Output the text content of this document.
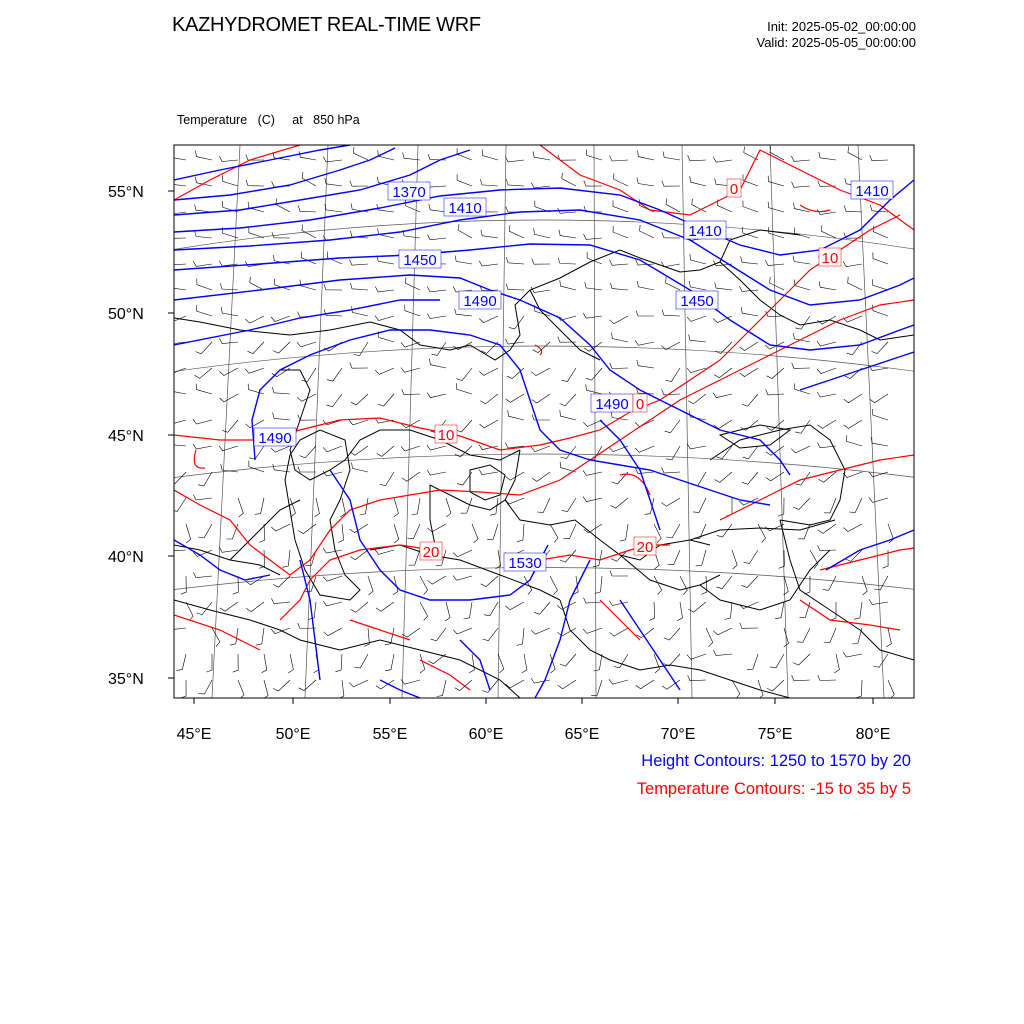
KAZHYDROMET REAL-TIME WRF	Init: 2025-05-02_00:00:00
Valid: 2025-05-05_00:00:00

Temperature   (C)     at   850 hPa

55°N
50°N
45°N
40°N
35°N
45°E	50°E	55°E	60°E	65°E	70°E	75°E	80°E
1370
1410
1410
1410
1450
1450
1490
1490
1490
1530
10
10
0
0
20	20
Height Contours: 1250 to 1570 by 20
Temperature Contours: -15 to 35 by 5
